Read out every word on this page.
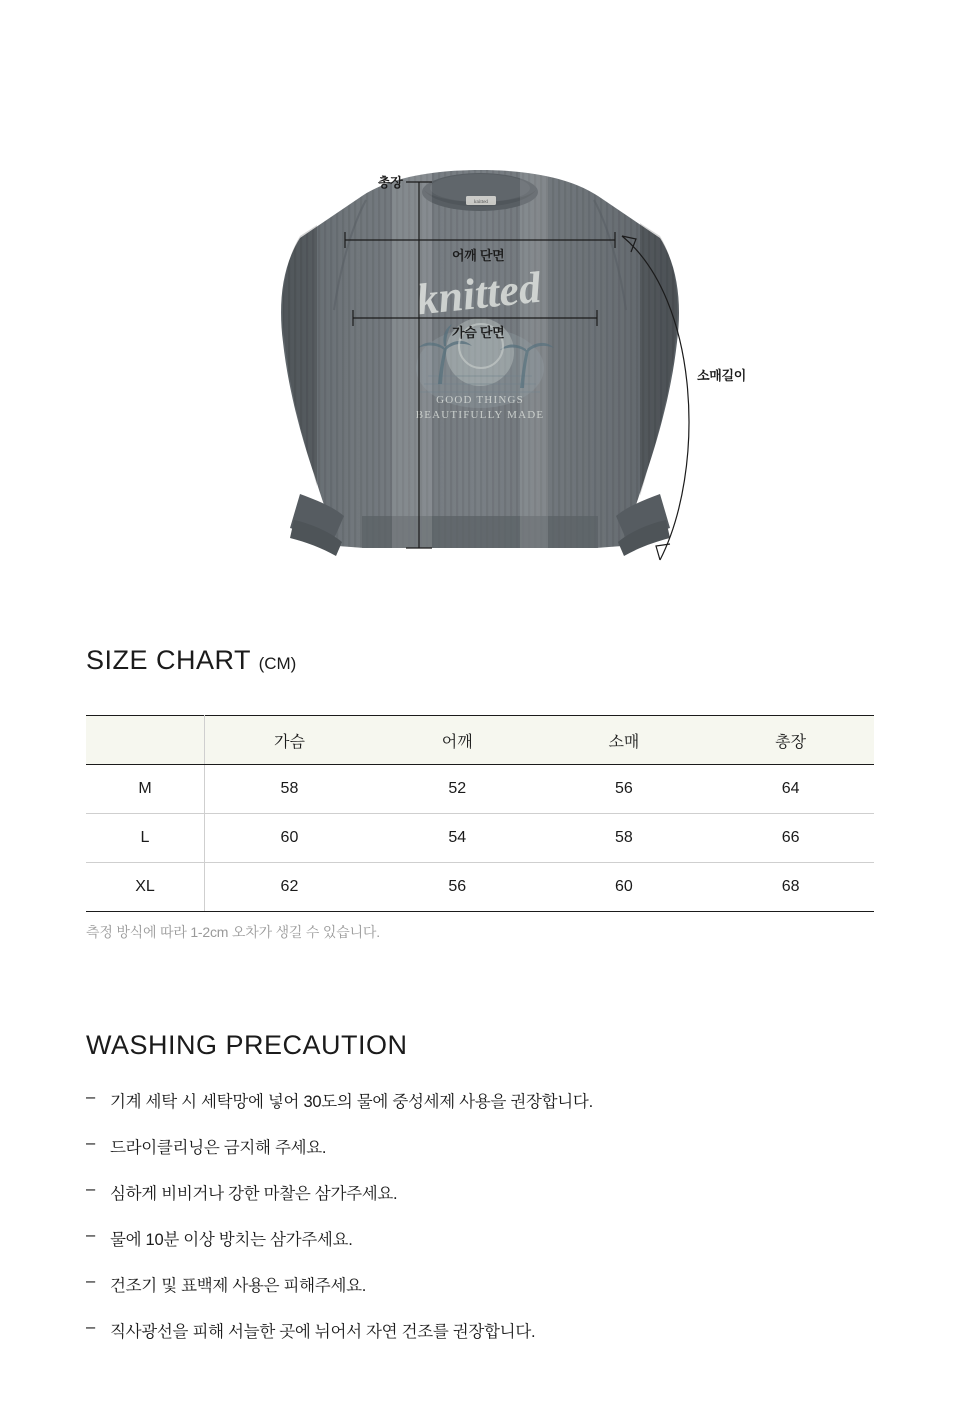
knitted
knitted
GOOD THINGS
BEAUTIFULLY MADE
총장
어깨 단면
가슴 단면
소매길이
SIZE CHART (CM)
	가슴	어깨	소매	총장
M	58	52	56	64
L	60	54	58	66
XL	62	56	60	68
측정 방식에 따라 1-2cm 오차가 생길 수 있습니다.
WASHING PRECAUTION
– 기계 세탁 시 세탁망에 넣어 30도의 물에 중성세제 사용을 권장합니다.
– 드라이클리닝은 금지해 주세요.
– 심하게 비비거나 강한 마찰은 삼가주세요.
– 물에 10분 이상 방치는 삼가주세요.
– 건조기 및 표백제 사용은 피해주세요.
– 직사광선을 피해 서늘한 곳에 뉘어서 자연 건조를 권장합니다.
